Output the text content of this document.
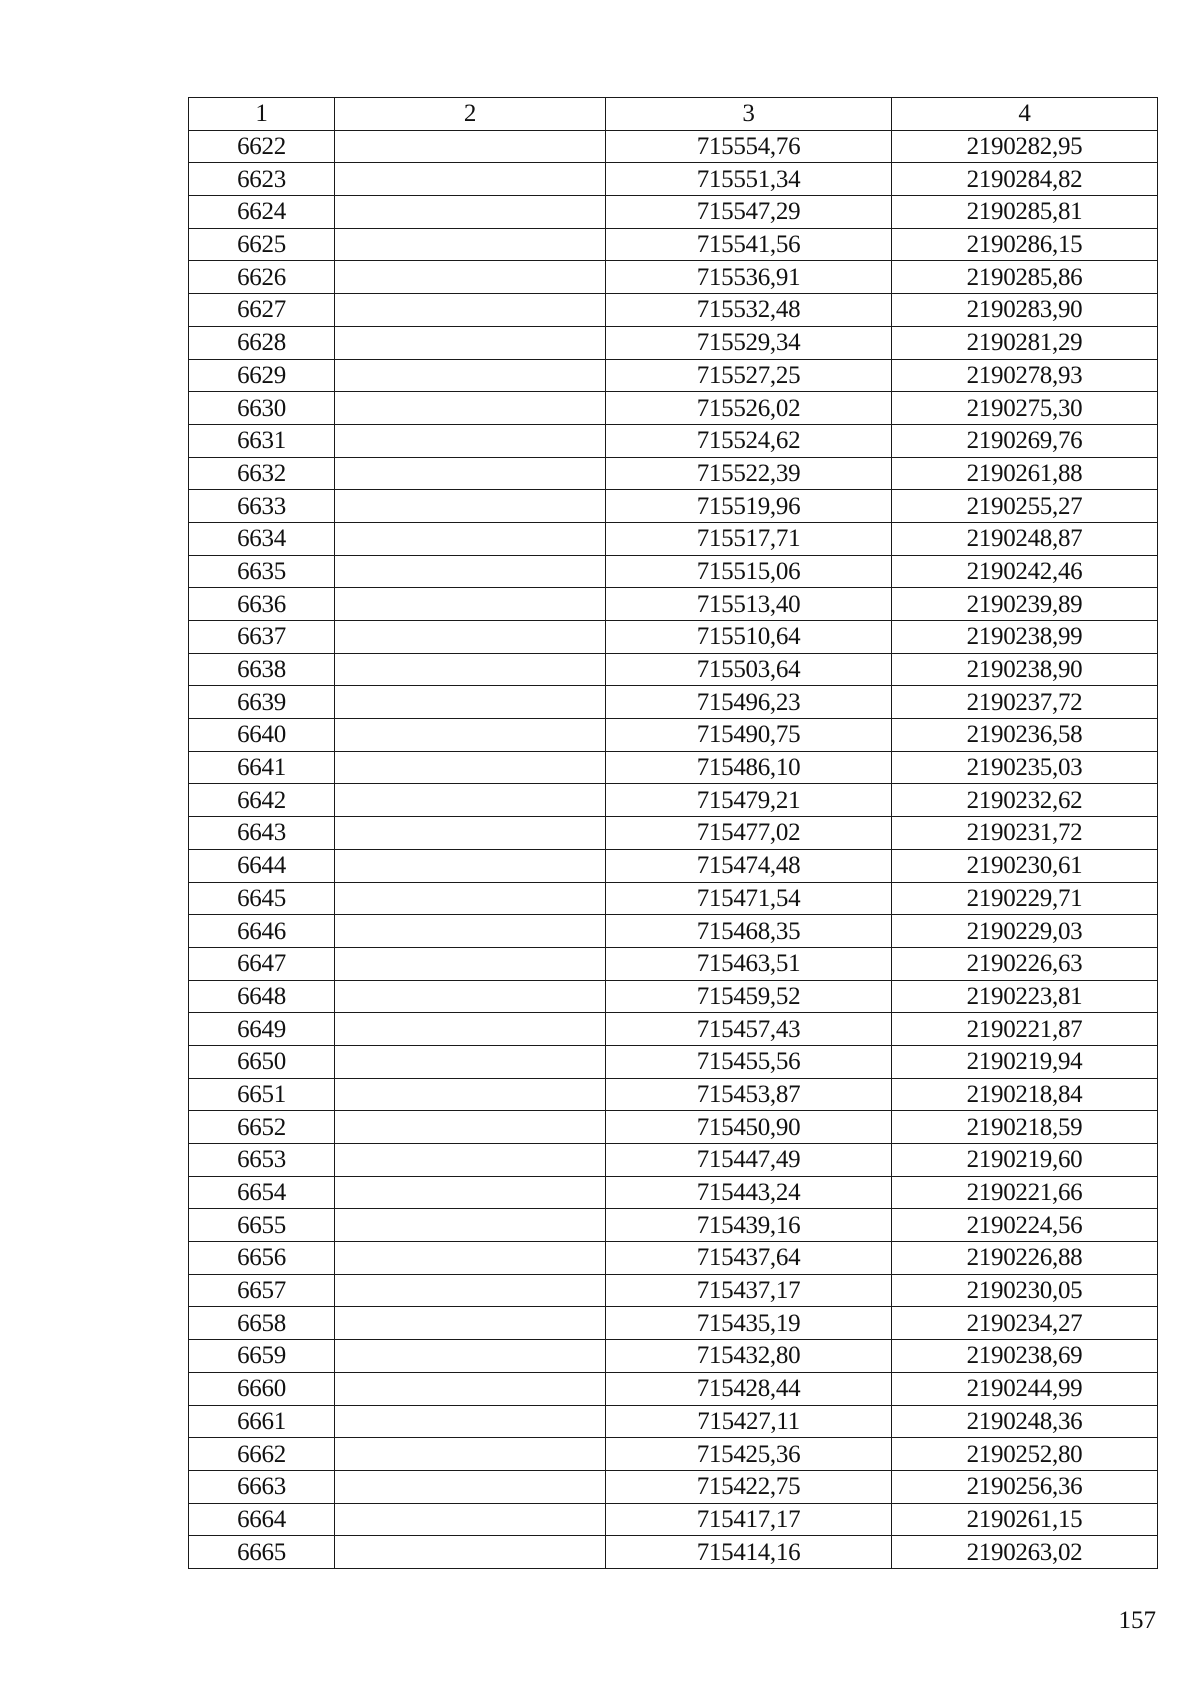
1	2	3	4
6622		715554,76	2190282,95
6623		715551,34	2190284,82
6624		715547,29	2190285,81
6625		715541,56	2190286,15
6626		715536,91	2190285,86
6627		715532,48	2190283,90
6628		715529,34	2190281,29
6629		715527,25	2190278,93
6630		715526,02	2190275,30
6631		715524,62	2190269,76
6632		715522,39	2190261,88
6633		715519,96	2190255,27
6634		715517,71	2190248,87
6635		715515,06	2190242,46
6636		715513,40	2190239,89
6637		715510,64	2190238,99
6638		715503,64	2190238,90
6639		715496,23	2190237,72
6640		715490,75	2190236,58
6641		715486,10	2190235,03
6642		715479,21	2190232,62
6643		715477,02	2190231,72
6644		715474,48	2190230,61
6645		715471,54	2190229,71
6646		715468,35	2190229,03
6647		715463,51	2190226,63
6648		715459,52	2190223,81
6649		715457,43	2190221,87
6650		715455,56	2190219,94
6651		715453,87	2190218,84
6652		715450,90	2190218,59
6653		715447,49	2190219,60
6654		715443,24	2190221,66
6655		715439,16	2190224,56
6656		715437,64	2190226,88
6657		715437,17	2190230,05
6658		715435,19	2190234,27
6659		715432,80	2190238,69
6660		715428,44	2190244,99
6661		715427,11	2190248,36
6662		715425,36	2190252,80
6663		715422,75	2190256,36
6664		715417,17	2190261,15
6665		715414,16	2190263,02
157
